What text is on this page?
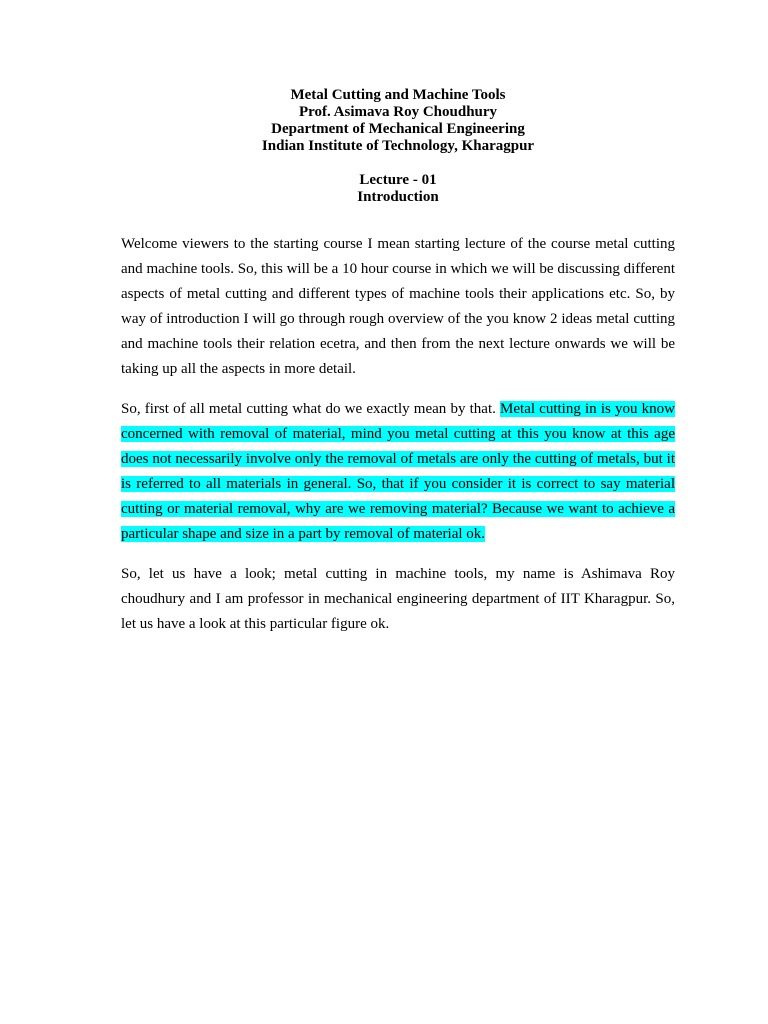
Metal Cutting and Machine Tools
Prof. Asimava Roy Choudhury
Department of Mechanical Engineering
Indian Institute of Technology, Kharagpur
Lecture - 01
Introduction

Welcome viewers to the starting course I mean starting lecture of the course metal cutting and machine tools. So, this will be a 10 hour course in which we will be discussing different aspects of metal cutting and different types of machine tools their applications etc. So, by way of introduction I will go through rough overview of the you know 2 ideas metal cutting and machine tools their relation ecetra, and then from the next lecture onwards we will be taking up all the aspects in more detail.

So, first of all metal cutting what do we exactly mean by that. Metal cutting in is you know concerned with removal of material, mind you metal cutting at this you know at this age does not necessarily involve only the removal of metals are only the cutting of metals, but it is referred to all materials in general. So, that if you consider it is correct to say material cutting or material removal, why are we removing material? Because we want to achieve a particular shape and size in a part by removal of material ok.

So, let us have a look; metal cutting in machine tools, my name is Ashimava Roy choudhury and I am professor in mechanical engineering department of IIT Kharagpur. So, let us have a look at this particular figure ok.
